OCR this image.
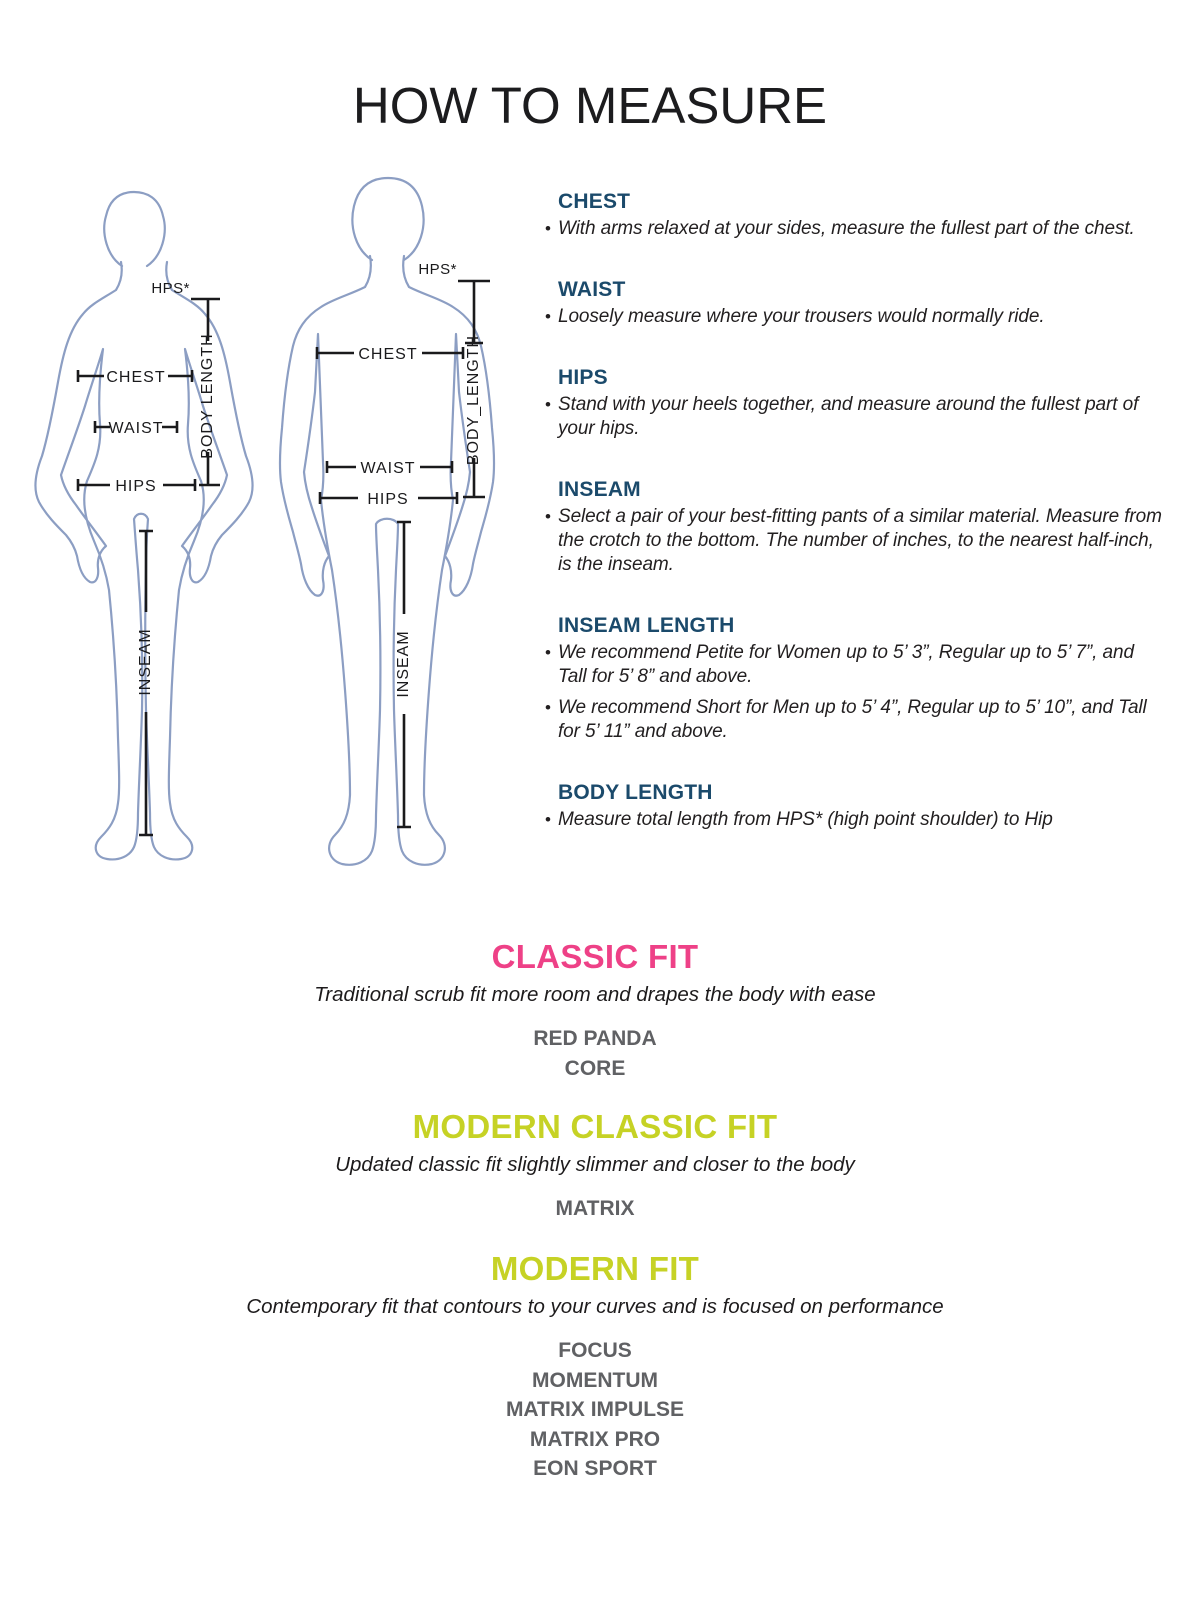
HOW TO MEASURE
HPS*
BODY LENGTH
CHEST
WAIST
HIPS
INSEAM
HPS*
BODY_LENGTH
CHEST
WAIST
HIPS
INSEAM
CHEST
•
With arms relaxed at your sides, measure the fullest part of the chest.
WAIST
•
Loosely measure where your trousers would normally ride.
HIPS
•
Stand with your heels together, and measure around the fullest part of your hips.
INSEAM
•
Select a pair of your best-fitting pants of a similar material. Measure from the crotch to the bottom. The number of inches, to the nearest half-inch, is the inseam.
INSEAM LENGTH
•
We recommend Petite for Women up to 5’ 3”, Regular up to 5’ 7”, and Tall for 5’ 8” and above.
•
We recommend Short for Men up to 5’ 4”, Regular up to 5’ 10”, and Tall for 5’ 11” and above.
BODY LENGTH
•
Measure total length from HPS* (high point shoulder) to Hip
CLASSIC FIT
Traditional scrub fit more room and drapes the body with ease
RED PANDA
CORE
MODERN CLASSIC FIT
Updated classic fit slightly slimmer and closer to the body
MATRIX
MODERN FIT
Contemporary fit that contours to your curves and is focused on performance
FOCUS
MOMENTUM
MATRIX IMPULSE
MATRIX PRO
EON SPORT
